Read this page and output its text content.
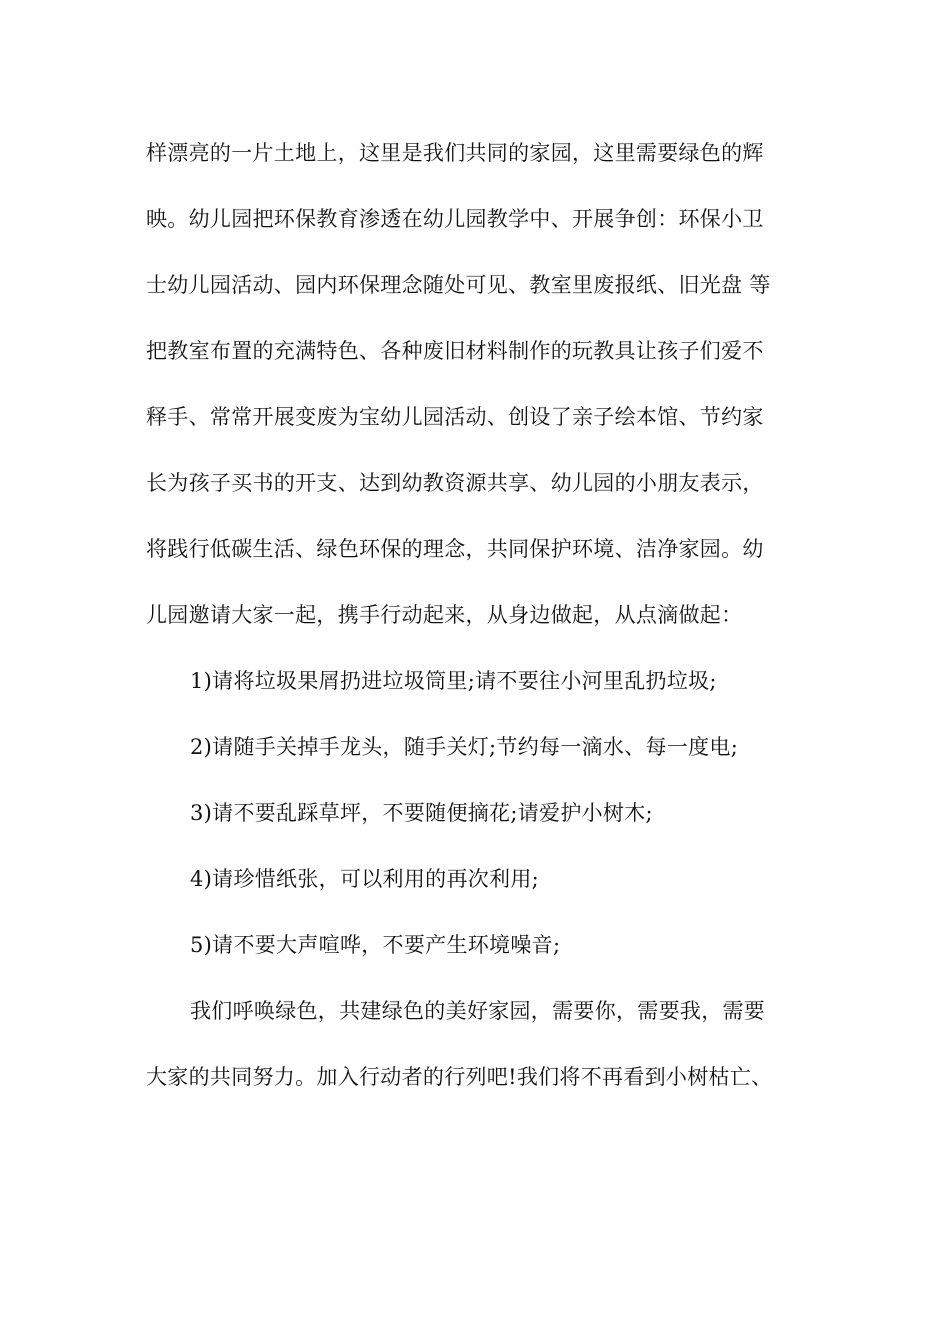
样漂亮的一片土地上，这里是我们共同的家园，这里需要绿色的辉
映。幼儿园把环保教育渗透在幼儿园教学中、开展争创：环保小卫
士幼儿园活动、园内环保理念随处可见、教室里废报纸、旧光盘 等
把教室布置的充满特色、各种废旧材料制作的玩教具让孩子们爱不
释手、常常开展变废为宝幼儿园活动、创设了亲子绘本馆、节约家
长为孩子买书的开支、达到幼教资源共享、幼儿园的小朋友表示，
将践行低碳生活、绿色环保的理念，共同保护环境、洁净家园。幼
儿园邀请大家一起，携手行动起来，从身边做起，从点滴做起：
1)请将垃圾果屑扔进垃圾筒里;请不要往小河里乱扔垃圾;
2)请随手关掉手龙头，随手关灯;节约每一滴水、每一度电;
3)请不要乱踩草坪，不要随便摘花;请爱护小树木;
4)请珍惜纸张，可以利用的再次利用;
5)请不要大声喧哗，不要产生环境噪音;
我们呼唤绿色，共建绿色的美好家园，需要你，需要我，需要
大家的共同努力。加入行动者的行列吧!我们将不再看到小树枯亡、
